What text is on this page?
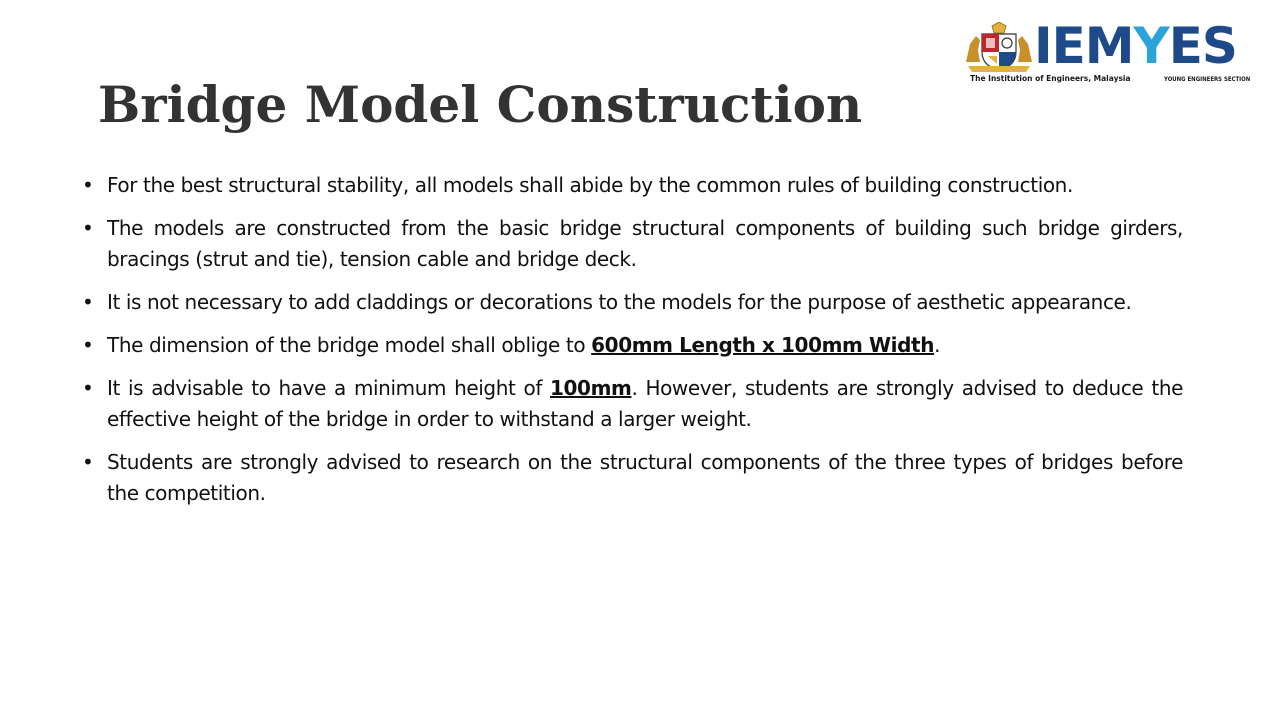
Bridge Model Construction
IEMYES
The Institution of Engineers, Malaysia	YOUNG ENGINEERS SECTION
• For the best structural stability, all models shall abide by the common rules of building construction.
• The models are constructed from the basic bridge structural components of building such bridge girders, bracings (strut and tie), tension cable and bridge deck.
• It is not necessary to add claddings or decorations to the models for the purpose of aesthetic appearance.
• The dimension of the bridge model shall oblige to 600mm Length x 100mm Width.
• It is advisable to have a minimum height of 100mm. However, students are strongly advised to deduce the effective height of the bridge in order to withstand a larger weight.
• Students are strongly advised to research on the structural components of the three types of bridges before the competition.
